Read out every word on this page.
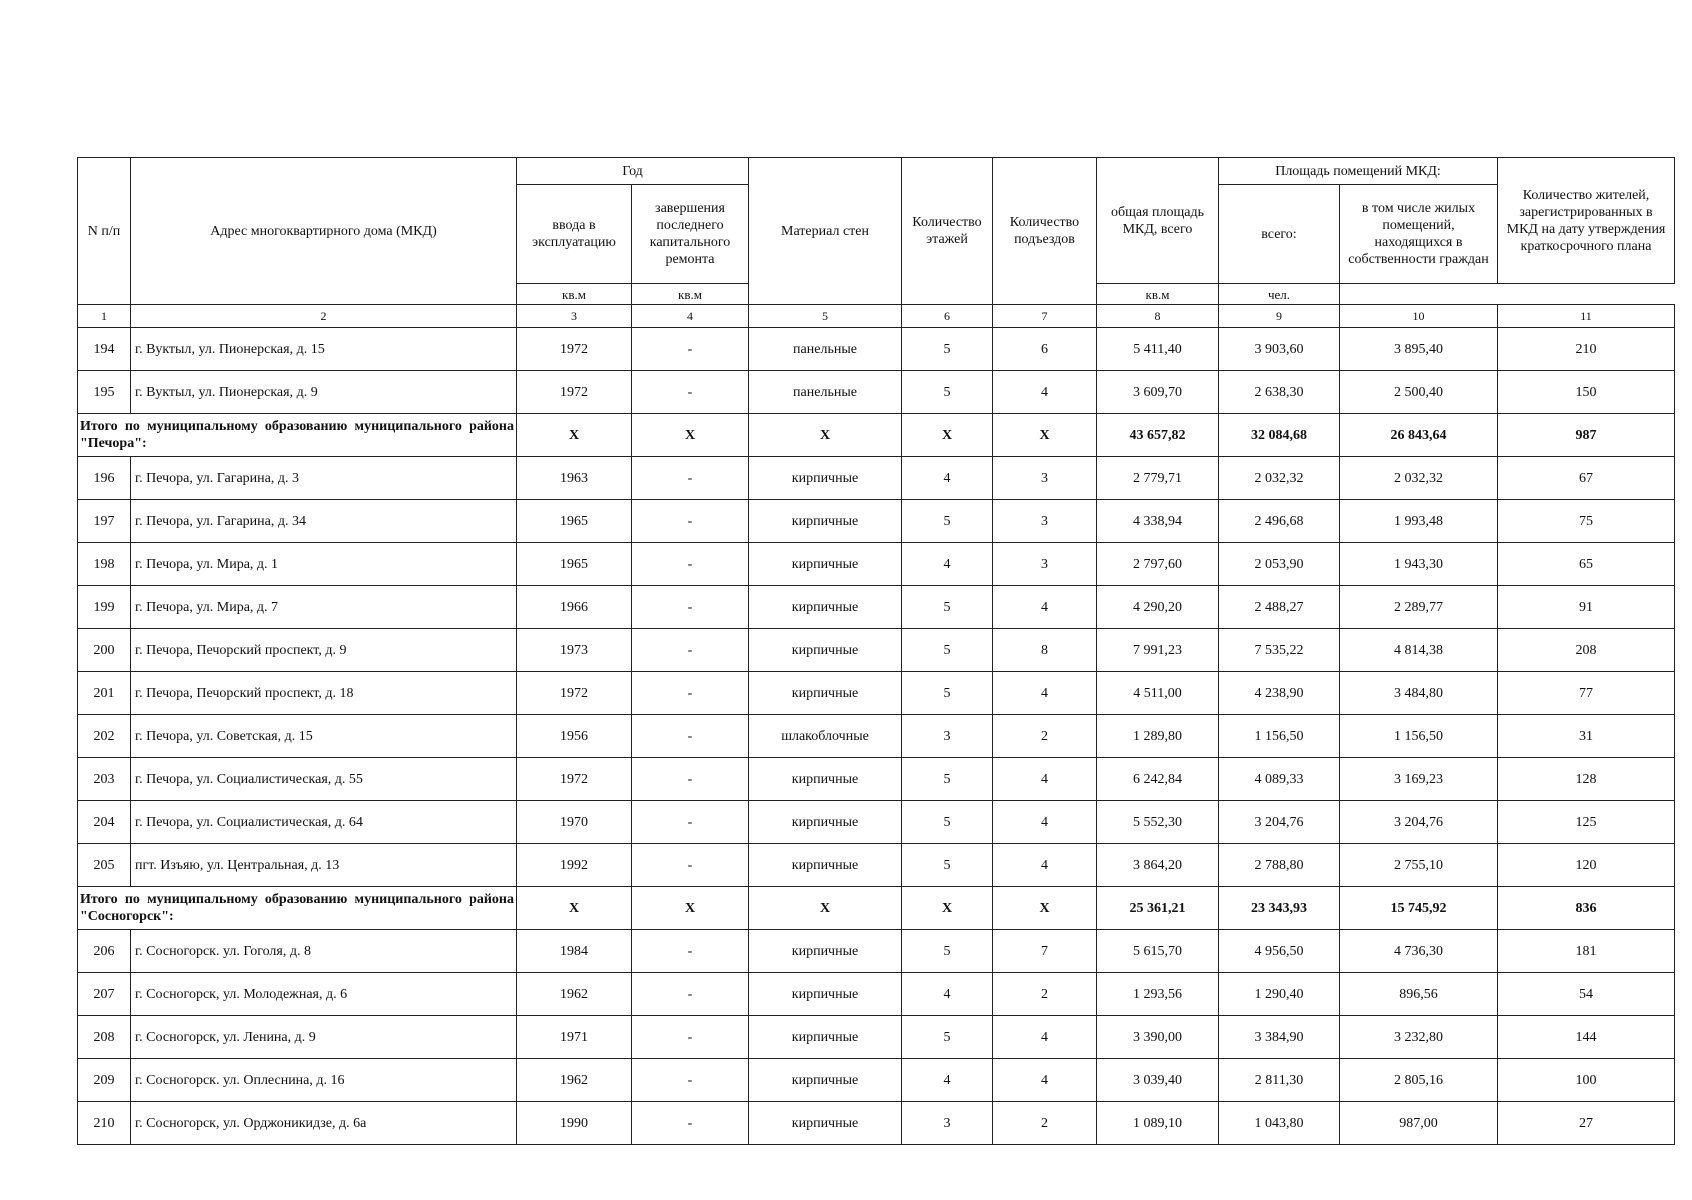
N п/п	Адрес многоквартирного дома (МКД)	Год		Материал стен	Количество этажей	Количество подъездов	общая площадь МКД, всего	Площадь помещений МКД:		Количество жителей, зарегистрированных в МКД на дату утверждения краткосрочного плана
		ввода в эксплуатацию	завершения последнего капитального ремонта					всего:	в том числе жилых помещений, находящихся в собственности граждан	
		кв.м	кв.м				кв.м	чел.		
1	2	3	4	5	6	7	8	9	10	11
194	г. Вуктыл, ул. Пионерская, д. 15	1972	-	панельные	5	6	5 411,40	3 903,60	3 895,40	210
195	г. Вуктыл, ул. Пионерская, д. 9	1972	-	панельные	5	4	3 609,70	2 638,30	2 500,40	150
Итого по муниципальному образованию муниципального района "Печора":		X	X	X	X	X	43 657,82	32 084,68	26 843,64	987
196	г. Печора, ул. Гагарина, д. 3	1963	-	кирпичные	4	3	2 779,71	2 032,32	2 032,32	67
197	г. Печора, ул. Гагарина, д. 34	1965	-	кирпичные	5	3	4 338,94	2 496,68	1 993,48	75
198	г. Печора, ул. Мира, д. 1	1965	-	кирпичные	4	3	2 797,60	2 053,90	1 943,30	65
199	г. Печора, ул. Мира, д. 7	1966	-	кирпичные	5	4	4 290,20	2 488,27	2 289,77	91
200	г. Печора, Печорский проспект, д. 9	1973	-	кирпичные	5	8	7 991,23	7 535,22	4 814,38	208
201	г. Печора, Печорский проспект, д. 18	1972	-	кирпичные	5	4	4 511,00	4 238,90	3 484,80	77
202	г. Печора, ул. Советская, д. 15	1956	-	шлакоблочные	3	2	1 289,80	1 156,50	1 156,50	31
203	г. Печора, ул. Социалистическая, д. 55	1972	-	кирпичные	5	4	6 242,84	4 089,33	3 169,23	128
204	г. Печора, ул. Социалистическая, д. 64	1970	-	кирпичные	5	4	5 552,30	3 204,76	3 204,76	125
205	пгт. Изъяю, ул. Центральная, д. 13	1992	-	кирпичные	5	4	3 864,20	2 788,80	2 755,10	120
Итого по муниципальному образованию муниципального района "Сосногорск":		X	X	X	X	X	25 361,21	23 343,93	15 745,92	836
206	г. Сосногорск. ул. Гоголя, д. 8	1984	-	кирпичные	5	7	5 615,70	4 956,50	4 736,30	181
207	г. Сосногорск, ул. Молодежная, д. 6	1962	-	кирпичные	4	2	1 293,56	1 290,40	896,56	54
208	г. Сосногорск, ул. Ленина, д. 9	1971	-	кирпичные	5	4	3 390,00	3 384,90	3 232,80	144
209	г. Сосногорск. ул. Оплеснина, д. 16	1962	-	кирпичные	4	4	3 039,40	2 811,30	2 805,16	100
210	г. Сосногорск, ул. Орджоникидзе, д. 6а	1990	-	кирпичные	3	2	1 089,10	1 043,80	987,00	27
